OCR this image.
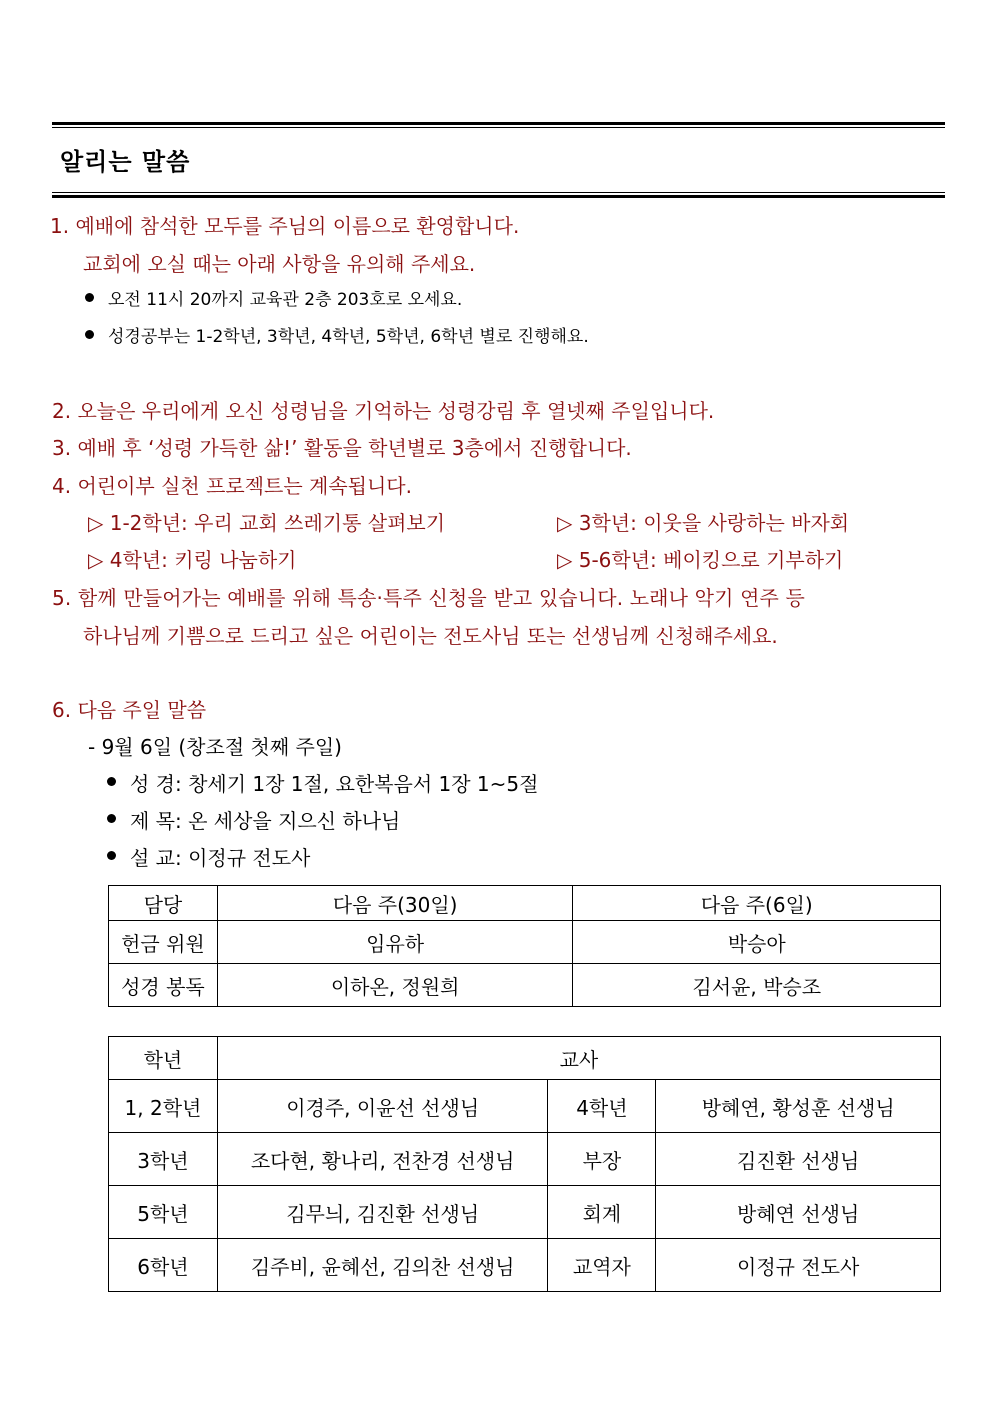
알리는 말씀
1. 예배에 참석한 모두를 주님의 이름으로 환영합니다.
교회에 오실 때는 아래 사항을 유의해 주세요.
오전 11시 20까지 교육관 2층 203호로 오세요.
성경공부는 1-2학년, 3학년, 4학년, 5학년, 6학년 별로 진행해요.
2. 오늘은 우리에게 오신 성령님을 기억하는 성령강림 후 열넷째 주일입니다.
3. 예배 후 ‘성령 가득한 삶!’ 활동을 학년별로 3층에서 진행합니다.
4. 어린이부 실천 프로젝트는 계속됩니다.
▷ 1-2학년: 우리 교회 쓰레기통 살펴보기	▷ 3학년: 이웃을 사랑하는 바자회
▷ 4학년: 키링 나눔하기	▷ 5-6학년: 베이킹으로 기부하기
5. 함께 만들어가는 예배를 위해 특송·특주 신청을 받고 있습니다. 노래나 악기 연주 등
하나님께 기쁨으로 드리고 싶은 어린이는 전도사님 또는 선생님께 신청해주세요.
6. 다음 주일 말씀
- 9월 6일 (창조절 첫째 주일)
성 경: 창세기 1장 1절, 요한복음서 1장 1~5절
제 목: 온 세상을 지으신 하나님
설 교: 이정규 전도사
담당	다음 주(30일)	다음 주(6일)
헌금 위원	임유하	박승아
성경 봉독	이하온, 정원희	김서윤, 박승조
학년	교사		
1, 2학년	이경주, 이윤선 선생님	4학년	방혜연, 황성훈 선생님
3학년	조다현, 황나리, 전찬경 선생님	부장	김진환 선생님
5학년	김무늬, 김진환 선생님	회계	방혜연 선생님
6학년	김주비, 윤혜선, 김의찬 선생님	교역자	이정규 전도사
